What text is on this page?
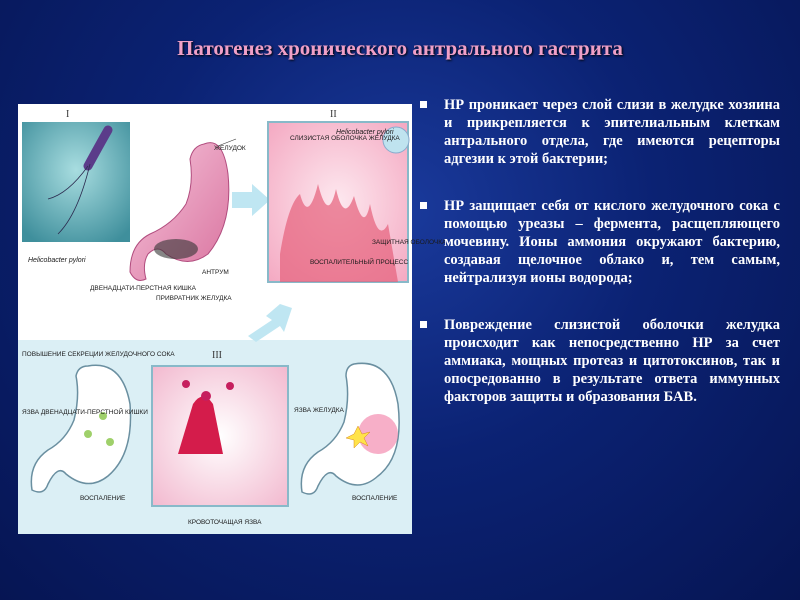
Патогенез хронического антрального гастрита
I
Helicobacter pylori
ЖЕЛУДОК
ДВЕНАДЦАТИ-ПЕРСТНАЯ КИШКА
ПРИВРАТНИК ЖЕЛУДКА
АНТРУМ
II
СЛИЗИСТАЯ ОБОЛОЧКА ЖЕЛУДКА
Helicobacter pylori
ВОСПАЛИТЕЛЬНЫЙ ПРОЦЕСС
ЗАЩИТНАЯ ОБОЛОЧКА
ПОВЫШЕНИЕ СЕКРЕЦИИ ЖЕЛУДОЧНОГО СОКА
ЯЗВА ДВЕНАДЦАТИ-ПЕРСТНОЙ КИШКИ
ВОСПАЛЕНИЕ
III
КРОВОТОЧАЩАЯ ЯЗВА
ЯЗВА ЖЕЛУДКА
ВОСПАЛЕНИЕ
НР проникает через слой слизи в желудке хозяина и прикрепляется к эпителиальным клеткам антрального отдела, где имеются рецепторы адгезии к этой бактерии;
НР защищает себя от кислого желудочного сока с помощью уреазы – фермента, расщепляющего мочевину. Ионы аммония окружают бактерию, создавая щелочное облако и, тем самым, нейтрализуя ионы водорода;
Повреждение слизистой оболочки желудка происходит как непосредственно НР за счет аммиака, мощных протеаз и цитотоксинов, так и опосредованно в результате ответа иммунных факторов защиты и образования БАВ.
